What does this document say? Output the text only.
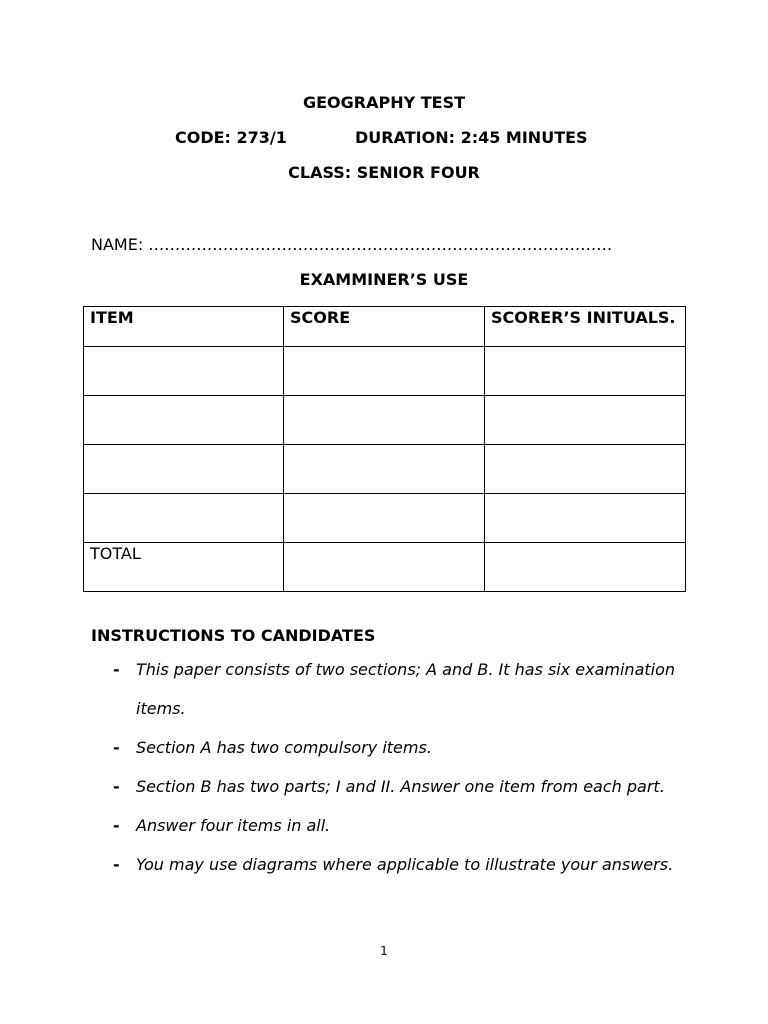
GEOGRAPHY TEST
CODE: 273/1	DURATION: 2:45 MINUTES
CLASS: SENIOR FOUR
NAME: ……………………………………………………………………………
EXAMMINER’S USE
ITEM	SCORE	SCORER’S INITUALS.

TOTAL		
INSTRUCTIONS TO CANDIDATES
- This paper consists of two sections; A and B. It has six examination items.
- Section A has two compulsory items.
- Section B has two parts; I and II. Answer one item from each part.
- Answer four items in all.
- You may use diagrams where applicable to illustrate your answers.
1
